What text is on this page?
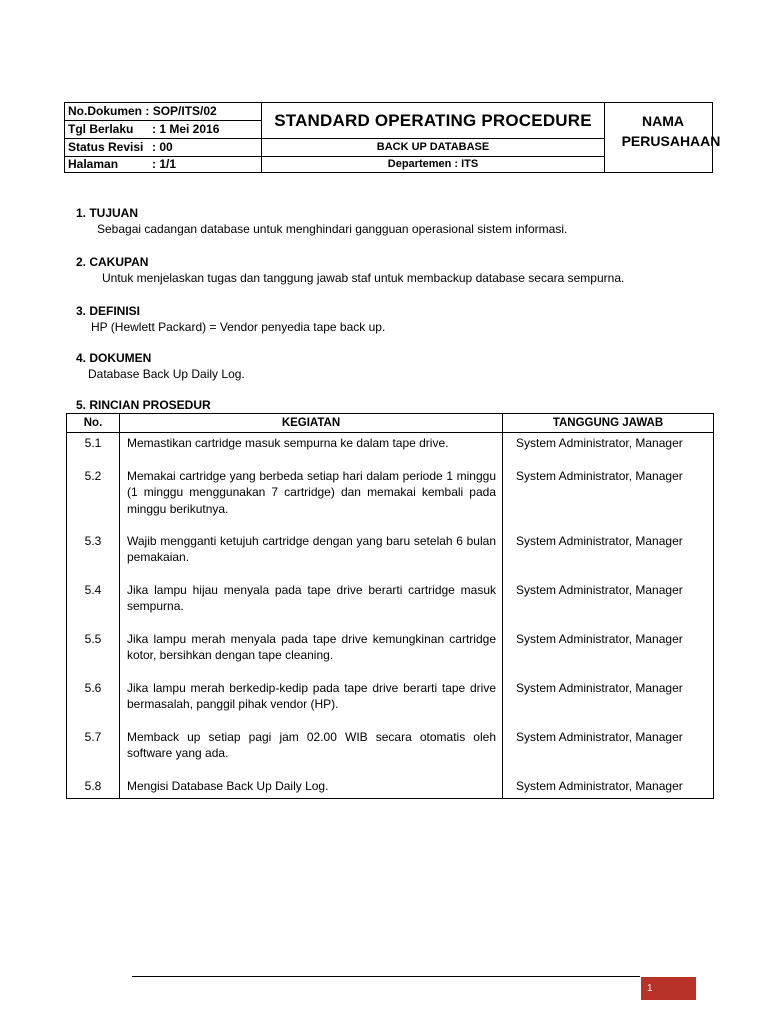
No.Dokumen : SOP/ITS/02
Tgl Berlaku : 1 Mei 2016
Status Revisi : 00
Halaman	: 1/1
STANDARD OPERATING PROCEDURE
BACK UP DATABASE
Departemen : ITS
NAMA
PERUSAHAAN
1. TUJUAN
Sebagai cadangan database untuk menghindari gangguan operasional sistem informasi.
2. CAKUPAN
Untuk menjelaskan tugas dan tanggung jawab staf untuk membackup database secara sempurna.
3. DEFINISI
HP (Hewlett Packard) = Vendor penyedia tape back up.
4. DOKUMEN
Database Back Up Daily Log.
5. RINCIAN PROSEDUR
No.	KEGIATAN	TANGGUNG JAWAB
5.1	Memastikan cartridge masuk sempurna ke dalam tape drive.	System Administrator, Manager
5.2	Memakai cartridge yang berbeda setiap hari dalam periode 1 minggu (1 minggu menggunakan 7 cartridge) dan memakai kembali pada minggu berikutnya.	System Administrator, Manager
5.3	Wajib mengganti ketujuh cartridge dengan yang baru setelah 6 bulan pemakaian.	System Administrator, Manager
5.4	Jika lampu hijau menyala pada tape drive berarti cartridge masuk sempurna.	System Administrator, Manager
5.5	Jika lampu merah menyala pada tape drive kemungkinan cartridge kotor, bersihkan dengan tape cleaning.	System Administrator, Manager
5.6	Jika lampu merah berkedip-kedip pada tape drive berarti tape drive bermasalah, panggil pihak vendor (HP).	System Administrator, Manager
5.7	Memback up setiap pagi jam 02.00 WIB secara otomatis oleh software yang ada.	System Administrator, Manager
5.8	Mengisi Database Back Up Daily Log.	System Administrator, Manager
1
